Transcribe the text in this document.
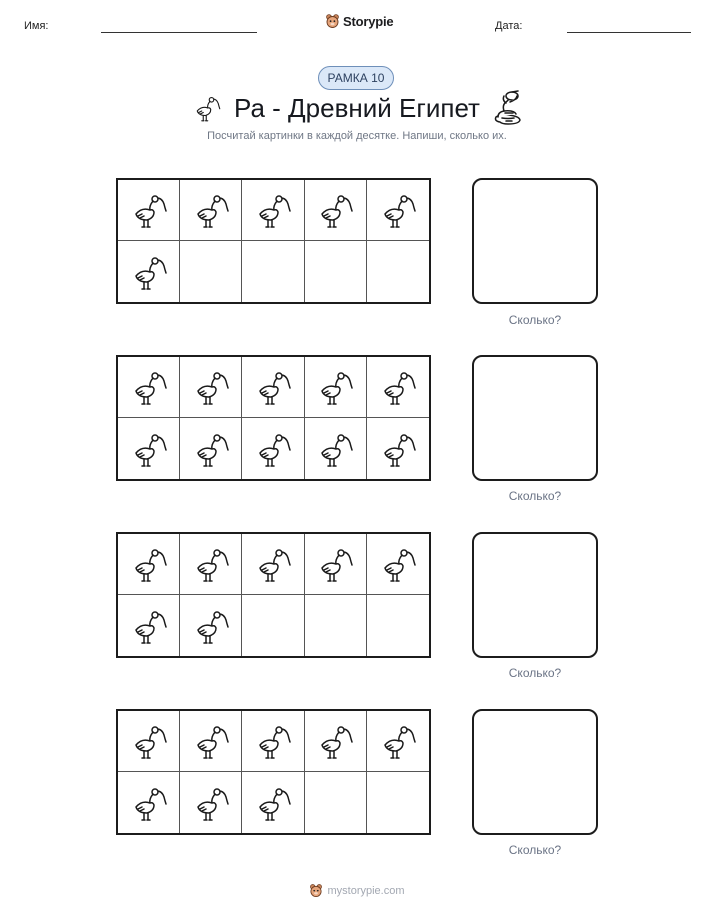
Имя:	Storypie	Дата:
РАМКА 10
Ра - Древний Египет
Посчитай картинки в каждой десятке. Напиши, сколько их.
Сколько?
Сколько?
Сколько?
Сколько?
mystorypie.com
